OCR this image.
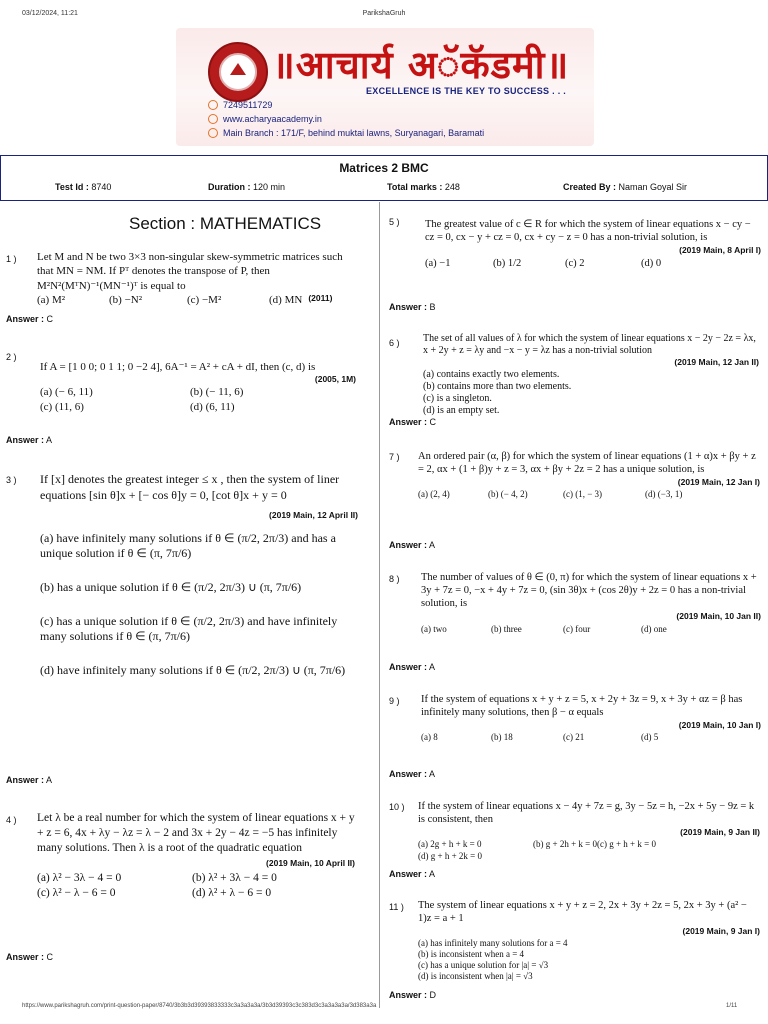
03/12/2024, 11:21	ParikshaGruh
॥आचार्य अॅकॅडमी॥
EXCELLENCE IS THE KEY TO SUCCESS . . .
7249511729
www.acharyaacademy.in
Main Branch : 171/F, behind muktai lawns, Suryanagari, Baramati
Matrices 2 BMC
Test Id : 8740	Duration : 120 min	Total marks : 248	Created By : Naman Goyal Sir
Section : MATHEMATICS
1 ) Let M and N be two 3×3 non-singular skew-symmetric matrices such that MN = NM. If Pᵀ denotes the transpose of P, then M²N²(MᵀN)⁻¹(MN⁻¹)ᵀ is equal to
(a) M²	(b) −N²	(c) −M²	(d) MN (2011)
Answer : C
2 )
If A = [1 0 0; 0 1 1; 0 −2 4], 6A⁻¹ = A² + cA + dI, then (c, d) is
(2005, 1M)
(a) (− 6, 11)	(b) (− 11, 6)
(c) (11, 6)	(d) (6, 11)
Answer : A
3 ) If [x] denotes the greatest integer ≤ x , then the system of liner equations [sin θ]x + [− cos θ]y = 0, [cot θ]x + y = 0
(2019 Main, 12 April II)
(a) have infinitely many solutions if θ ∈ (π/2, 2π/3) and has a unique solution if θ ∈ (π, 7π/6)
(b) has a unique solution if θ ∈ (π/2, 2π/3) ∪ (π, 7π/6)
(c) has a unique solution if θ ∈ (π/2, 2π/3) and have infinitely many solutions if θ ∈ (π, 7π/6)
(d) have infinitely many solutions if θ ∈ (π/2, 2π/3) ∪ (π, 7π/6)
Answer : A
4 ) Let λ be a real number for which the system of linear equations x + y + z = 6, 4x + λy − λz = λ − 2 and 3x + 2y − 4z = −5 has infinitely many solutions. Then λ is a root of the quadratic equation
(2019 Main, 10 April II)
(a) λ² − 3λ − 4 = 0	(b) λ² + 3λ − 4 = 0
(c) λ² − λ − 6 = 0	(d) λ² + λ − 6 = 0
Answer : C
5 ) The greatest value of c ∈ R for which the system of linear equations x − cy − cz = 0, cx − y + cz = 0, cx + cy − z = 0 has a non-trivial solution, is
(2019 Main, 8 April I)
(a) −1	(b) 1/2	(c) 2	(d) 0
Answer : B
6 ) The set of all values of λ for which the system of linear equations x − 2y − 2z = λx, x + 2y + z = λy and −x − y = λz has a non-trivial solution
(2019 Main, 12 Jan II)
(a) contains exactly two elements.
(b) contains more than two elements.
(c) is a singleton.
(d) is an empty set.
Answer : C
7 ) An ordered pair (α, β) for which the system of linear equations (1 + α)x + βy + z = 2, αx + (1 + β)y + z = 3, αx + βy + 2z = 2 has a unique solution, is
(2019 Main, 12 Jan I)
(a) (2, 4)	(b) (− 4, 2)	(c) (1, − 3)	(d) (−3, 1)
Answer : A
8 ) The number of values of θ ∈ (0, π) for which the system of linear equations x + 3y + 7z = 0, −x + 4y + 7z = 0, (sin 3θ)x + (cos 2θ)y + 2z = 0 has a non-trivial solution, is
(2019 Main, 10 Jan II)
(a) two	(b) three	(c) four	(d) one
Answer : A
9 ) If the system of equations x + y + z = 5, x + 2y + 3z = 9, x + 3y + αz = β has infinitely many solutions, then β − α equals
(2019 Main, 10 Jan I)
(a) 8	(b) 18	(c) 21	(d) 5
Answer : A
10 ) If the system of linear equations x − 4y + 7z = g, 3y − 5z = h, −2x + 5y − 9z = k is consistent, then
(2019 Main, 9 Jan II)
(a) 2g + h + k = 0	(b) g + 2h + k = 0 (c) g + h + k = 0
(d) g + h + 2k = 0
Answer : A
11 ) The system of linear equations x + y + z = 2, 2x + 3y + 2z = 5, 2x + 3y + (a² − 1)z = a + 1
(2019 Main, 9 Jan I)
(a) has infinitely many solutions for a = 4
(b) is inconsistent when a = 4
(c) has a unique solution for |a| = √3
(d) is inconsistent when |a| = √3
Answer : D
https://www.parikshagruh.com/print-question-paper/8740/3b3b3d39393833333c3a3a3a3a/3b3d39393c3c383d3c3a3a3a3a/3d383a3a	1/11
